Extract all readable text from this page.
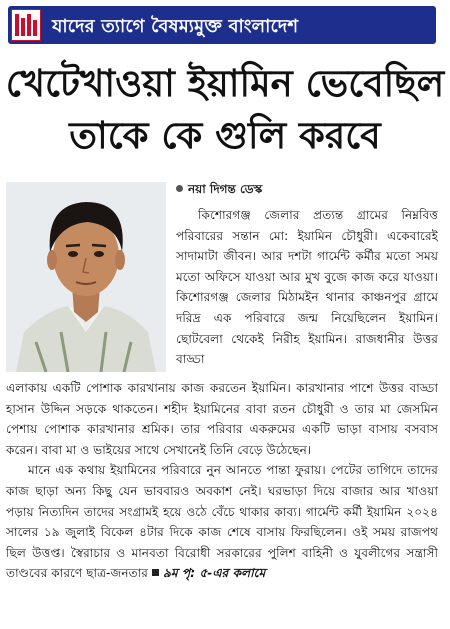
যাদের ত্যাগে বৈষম্যমুক্ত বাংলাদেশ
খেটেখাওয়া ইয়ামিন ভেবেছিল
তাকে কে গুলি করবে
নয়া দিগন্ত ডেস্ক

কিশোরগঞ্জ জেলার প্রত্যন্ত গ্রামের নিম্নবিত্ত পরিবারের সন্তান মো: ইয়ামিন চৌধুরী। একেবারেই সাদামাটা জীবন। আর দশটা গার্মেন্ট কর্মীর মতো সময় মতো অফিসে যাওয়া আর মুখ বুজে কাজ করে যাওয়া। কিশোরগঞ্জ জেলার মিঠামইন থানার কাঞ্চনপুর গ্রামে দরিদ্র এক পরিবারে জন্ম নিয়েছিলেন ইয়ামিন। ছোটবেলা থেকেই নিরীহ ইয়ামিন। রাজধানীর উত্তর বাড্ডা

এলাকায় একটি পোশাক কারখানায় কাজ করতেন ইয়ামিন। কারখানার পাশে উত্তর বাড্ডা হাসান উদ্দিন সড়কে থাকতেন। শহীদ ইয়ামিনের বাবা রতন চৌধুরী ও তার মা জেসমিন পেশায় পোশাক কারখানার শ্রমিক। তার পরিবার একরুমের একটি ভাড়া বাসায় বসবাস করেন। বাবা মা ও ভাইয়ের সাথে সেখানেই তিনি বেড়ে উঠেছেন।

মানে এক কথায় ইয়ামিনের পরিবারে নুন আনতে পান্তা ফুরায়। পেটের তাগিদে তাদের কাজ ছাড়া অন্য কিছু যেন ভাববারও অবকাশ নেই। ঘরভাড়া দিয়ে বাজার আর খাওয়া পড়ায় নিত্যদিন তাদের সংগ্রামই হয়ে ওঠে বেঁচে থাকার কাব্য। গার্মেন্ট কর্মী ইয়ামিন ২০২৪ সালের ১৯ জুলাই বিকেল ৪টার দিকে কাজ শেষে বাসায় ফিরছিলেন। ওই সময় রাজপথ ছিল উত্তপ্ত। স্বৈরাচার ও মানবতা বিরোধী সরকারের পুলিশ বাহিনী ও যুবলীগের সন্ত্রাসী তাণ্ডবের কারণে ছাত্র-জনতার ৯ম পৃ: ৫-এর কলামে
